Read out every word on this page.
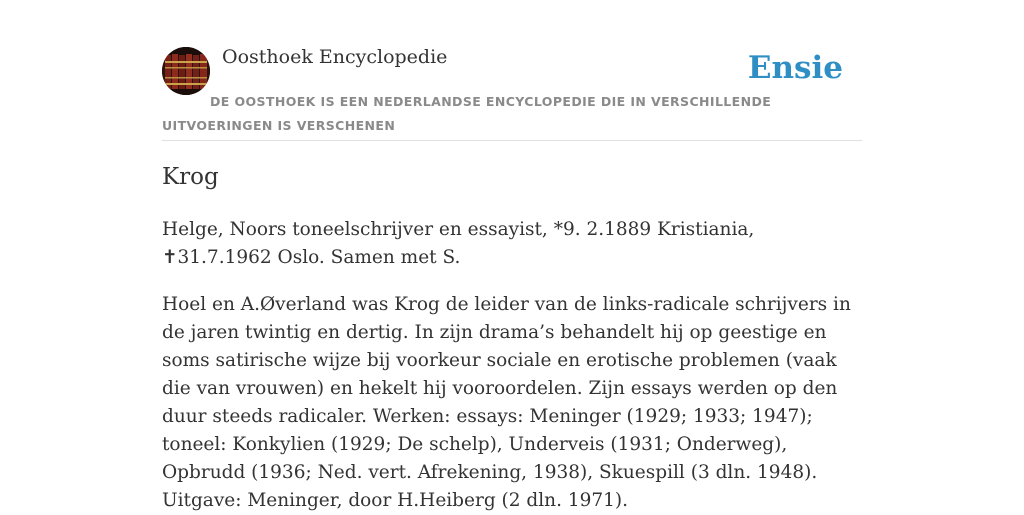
Oosthoek Encyclopedie	Ensie
DE OOSTHOEK IS EEN NEDERLANDSE ENCYCLOPEDIE DIE IN VERSCHILLENDE UITVOERINGEN IS VERSCHENEN
Krog

Helge, Noors toneelschrijver en essayist, *9. 2.1889 Kristiania, ✝31.7.1962 Oslo. Samen met S.

Hoel en A.Øverland was Krog de leider van de links-radicale schrijvers in de jaren twintig en dertig. In zijn drama’s behandelt hij op geestige en soms satirische wijze bij voorkeur sociale en erotische problemen (vaak die van vrouwen) en hekelt hij vooroordelen. Zijn essays werden op den duur steeds radicaler. Werken: essays: Meninger (1929; 1933; 1947); toneel: Konkylien (1929; De schelp), Underveis (1931; Onderweg), Opbrudd (1936; Ned. vert. Afrekening, 1938), Skuespill (3 dln. 1948). Uitgave: Meninger, door H.Heiberg (2 dln. 1971).
